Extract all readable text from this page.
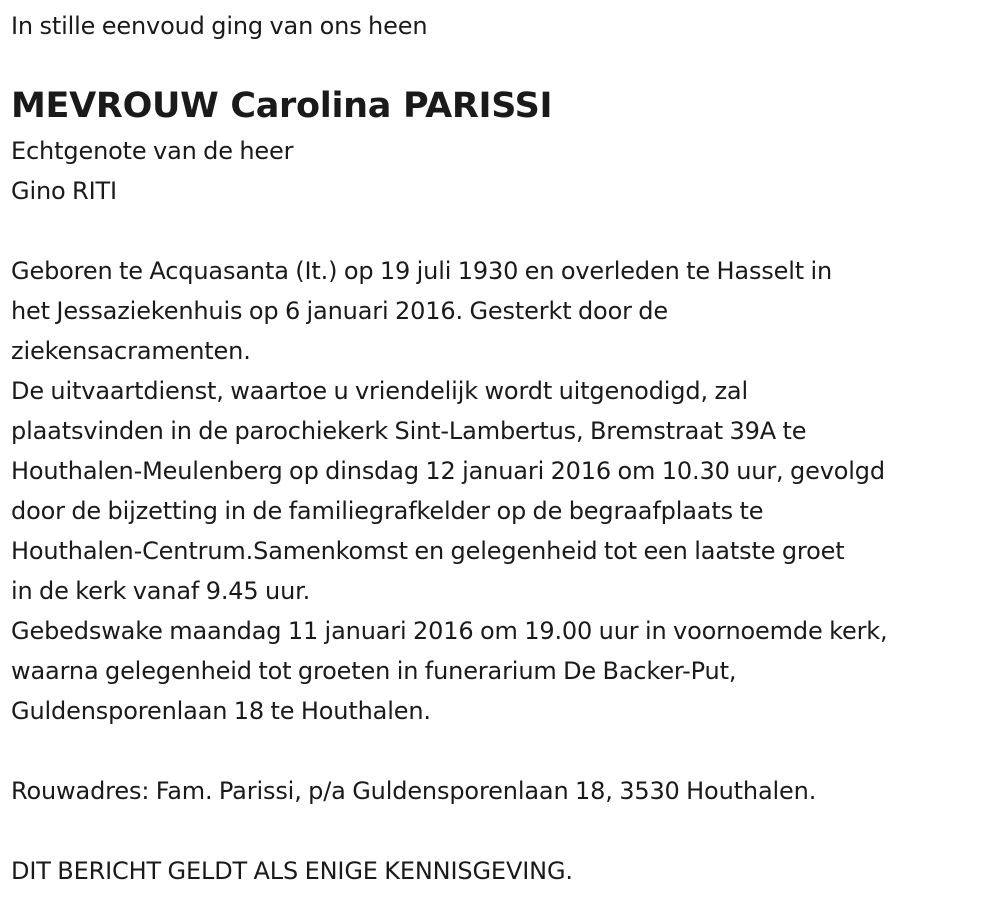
In stille eenvoud ging van ons heen
MEVROUW Carolina PARISSI
Echtgenote van de heer
Gino RITI
Geboren te Acquasanta (It.) op 19 juli 1930 en overleden te Hasselt in
het Jessaziekenhuis op 6 januari 2016. Gesterkt door de
ziekensacramenten.
De uitvaartdienst, waartoe u vriendelijk wordt uitgenodigd, zal
plaatsvinden in de parochiekerk Sint-Lambertus, Bremstraat 39A te
Houthalen-Meulenberg op dinsdag 12 januari 2016 om 10.30 uur, gevolgd
door de bijzetting in de familiegrafkelder op de begraafplaats te
Houthalen-Centrum.Samenkomst en gelegenheid tot een laatste groet
in de kerk vanaf 9.45 uur.
Gebedswake maandag 11 januari 2016 om 19.00 uur in voornoemde kerk,
waarna gelegenheid tot groeten in funerarium De Backer-Put,
Guldensporenlaan 18 te Houthalen.
Rouwadres: Fam. Parissi, p/a Guldensporenlaan 18, 3530 Houthalen.
DIT BERICHT GELDT ALS ENIGE KENNISGEVING.
